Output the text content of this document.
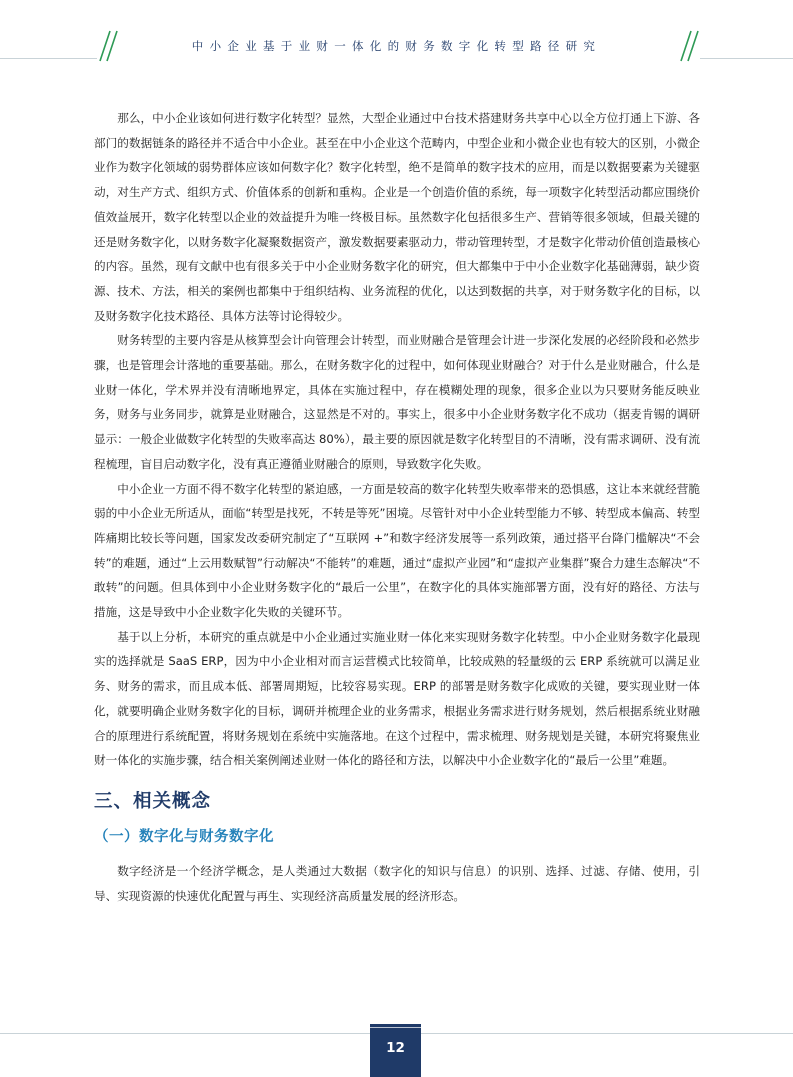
中小企业基于业财一体化的财务数字化转型路径研究

那么，中小企业该如何进行数字化转型？显然，大型企业通过中台技术搭建财务共享中心以全方位打通上下游、各部门的数据链条的路径并不适合中小企业。甚至在中小企业这个范畴内，中型企业和小微企业也有较大的区别，小微企业作为数字化领域的弱势群体应该如何数字化？数字化转型，绝不是简单的数字技术的应用，而是以数据要素为关键驱动，对生产方式、组织方式、价值体系的创新和重构。企业是一个创造价值的系统，每一项数字化转型活动都应围绕价值效益展开，数字化转型以企业的效益提升为唯一终极目标。虽然数字化包括很多生产、营销等很多领域，但最关键的还是财务数字化，以财务数字化凝聚数据资产，激发数据要素驱动力，带动管理转型，才是数字化带动价值创造最核心的内容。虽然，现有文献中也有很多关于中小企业财务数字化的研究，但大都集中于中小企业数字化基础薄弱，缺少资源、技术、方法，相关的案例也都集中于组织结构、业务流程的优化，以达到数据的共享，对于财务数字化的目标，以及财务数字化技术路径、具体方法等讨论得较少。

财务转型的主要内容是从核算型会计向管理会计转型，而业财融合是管理会计进一步深化发展的必经阶段和必然步骤，也是管理会计落地的重要基础。那么，在财务数字化的过程中，如何体现业财融合？对于什么是业财融合，什么是业财一体化，学术界并没有清晰地界定，具体在实施过程中，存在模糊处理的现象，很多企业以为只要财务能反映业务，财务与业务同步，就算是业财融合，这显然是不对的。事实上，很多中小企业财务数字化不成功（据麦肯锡的调研显示：一般企业做数字化转型的失败率高达 80%），最主要的原因就是数字化转型目的不清晰，没有需求调研、没有流程梳理，盲目启动数字化，没有真正遵循业财融合的原则，导致数字化失败。

中小企业一方面不得不数字化转型的紧迫感，一方面是较高的数字化转型失败率带来的恐惧感，这让本来就经营脆弱的中小企业无所适从，面临“转型是找死，不转是等死”困境。尽管针对中小企业转型能力不够、转型成本偏高、转型阵痛期比较长等问题，国家发改委研究制定了“互联网 +”和数字经济发展等一系列政策，通过搭平台降门槛解决“不会转”的难题，通过“上云用数赋智”行动解决“不能转”的难题，通过“虚拟产业园”和“虚拟产业集群”聚合力建生态解决“不敢转”的问题。但具体到中小企业财务数字化的“最后一公里”，在数字化的具体实施部署方面，没有好的路径、方法与措施，这是导致中小企业数字化失败的关键环节。

基于以上分析，本研究的重点就是中小企业通过实施业财一体化来实现财务数字化转型。中小企业财务数字化最现实的选择就是 SaaS ERP，因为中小企业相对而言运营模式比较简单，比较成熟的轻量级的云 ERP 系统就可以满足业务、财务的需求，而且成本低、部署周期短，比较容易实现。ERP 的部署是财务数字化成败的关键，要实现业财一体化，就要明确企业财务数字化的目标，调研并梳理企业的业务需求，根据业务需求进行财务规划，然后根据系统业财融合的原理进行系统配置，将财务规划在系统中实施落地。在这个过程中，需求梳理、财务规划是关键，本研究将聚焦业财一体化的实施步骤，结合相关案例阐述业财一体化的路径和方法，以解决中小企业数字化的“最后一公里”难题。

三、相关概念
（一）数字化与财务数字化

数字经济是一个经济学概念，是人类通过大数据（数字化的知识与信息）的识别、选择、过滤、存储、使用，引导、实现资源的快速优化配置与再生、实现经济高质量发展的经济形态。

12
